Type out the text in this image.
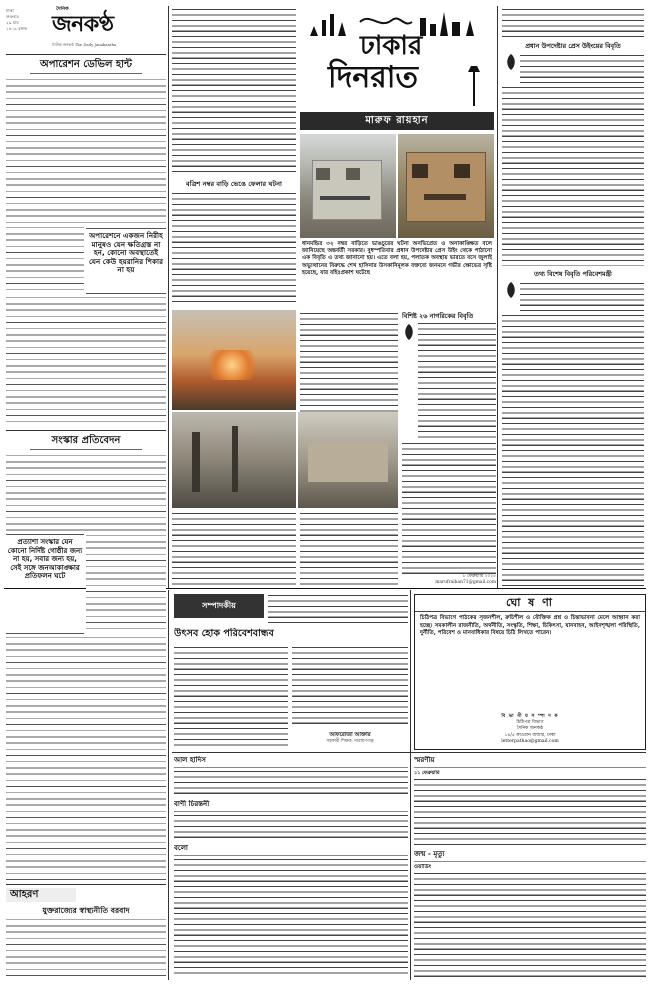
ঢাকা
শুক্রবার
২৯ মাঘ
১৪০৯ বঙ্গাব্দ
দৈনিক
জনকণ্ঠ
দৈনিক জনকণ্ঠ The Daily Janakantha
অপারেশন ডেভিল হান্ট
অপারেশনে একজন নিরীহ মানুষও যেন ক্ষতিগ্রস্ত না হন, কোনো অবস্থাতেই যেন কেউ হয়রানির শিকার না হয়
সংস্কার প্রতিবেদন
প্রত্যাশা সংস্কার যেন কোনো নির্দিষ্ট গোষ্ঠীর জন্য না হয়, সবার জন্য হয়, সেই সঙ্গে জনআকাঙ্ক্ষার প্রতিফলন ঘটে
আহরণ
যুক্তরাজ্যের স্বাস্থ্যনীতি বরবাদ
ঢাকার
দিনরাত
মারুফ রায়হান
বত্রিশ নম্বর বাড়ি ভেঙে ফেলার ঘটনা
ধানমন্ডির ৩২ নম্বর বাড়িতে ভাঙচুরের ঘটনা অনভিপ্রেত ও অনাকাঙ্ক্ষিত বলে জানিয়েছে অন্তর্বর্তী সরকার। বুধস্পতিবার প্রধান উপদেষ্টার প্রেস উইং থেকে পাঠানো এক বিবৃতি এ তথ্য জানানো হয়। এতে বলা হয়, পলাতক অবস্থায় ভারতে বসে জুলাই অভ্যুত্থানের বিরুদ্ধে শেখ হাসিনার উসকানিমূলক বক্তব্যে জনমনে গভীর ক্ষোভের সৃষ্টি হয়েছে, যার বহিঃপ্রকাশ ঘটেছে
বিশিষ্ট ২৬ নাগরিকের বিবৃতি
৮ ফেব্রুয়ারি ২০২৫
marufraihan71@gmail.com
প্রধান উপদেষ্টার প্রেস উইংয়ের বিবৃতি
তথ্য বিশেষ বিবৃতি পরিবেশমন্ত্রী
সম্পাদকীয়
উৎসব হোক পরিবেশবান্ধব
আফরোজা আক্তার
সহকারী শিক্ষক, নারায়ণগঞ্জ
ঘো ষ ণা
চিঠিপত্র বিভাগে পাঠকের সৃজনশীল, রুচিশীল ও যৌক্তিক প্রশ্ন ও চিন্তাভাবনা মেলে আহ্বান করা হচ্ছে। সমকালীন রাজনীতি, অর্থনীতি, সংস্কৃতি, শিক্ষা, চিকিৎসা, যানবাহন, আইনশৃঙ্খলা পরিস্থিতি, দুর্নীতি, পরিবেশ ও মানবাধিকার বিষয়ে চিঠি লিখতে পারেন।
বি ভা গী য় স ম্পা দ ক
চিঠিপত্র বিভাগ
দৈনিক জনকণ্ঠ
১৪/৫ কাওরান বাজার, ঢাকা
letterpathao@gmail.com
আল হাদিস
বাণী চিরন্তনী
বলো
স্মরণীয়
১১ ফেব্রুয়ারি
জন্ম - মৃত্যু
ওয়ার্ডিং
